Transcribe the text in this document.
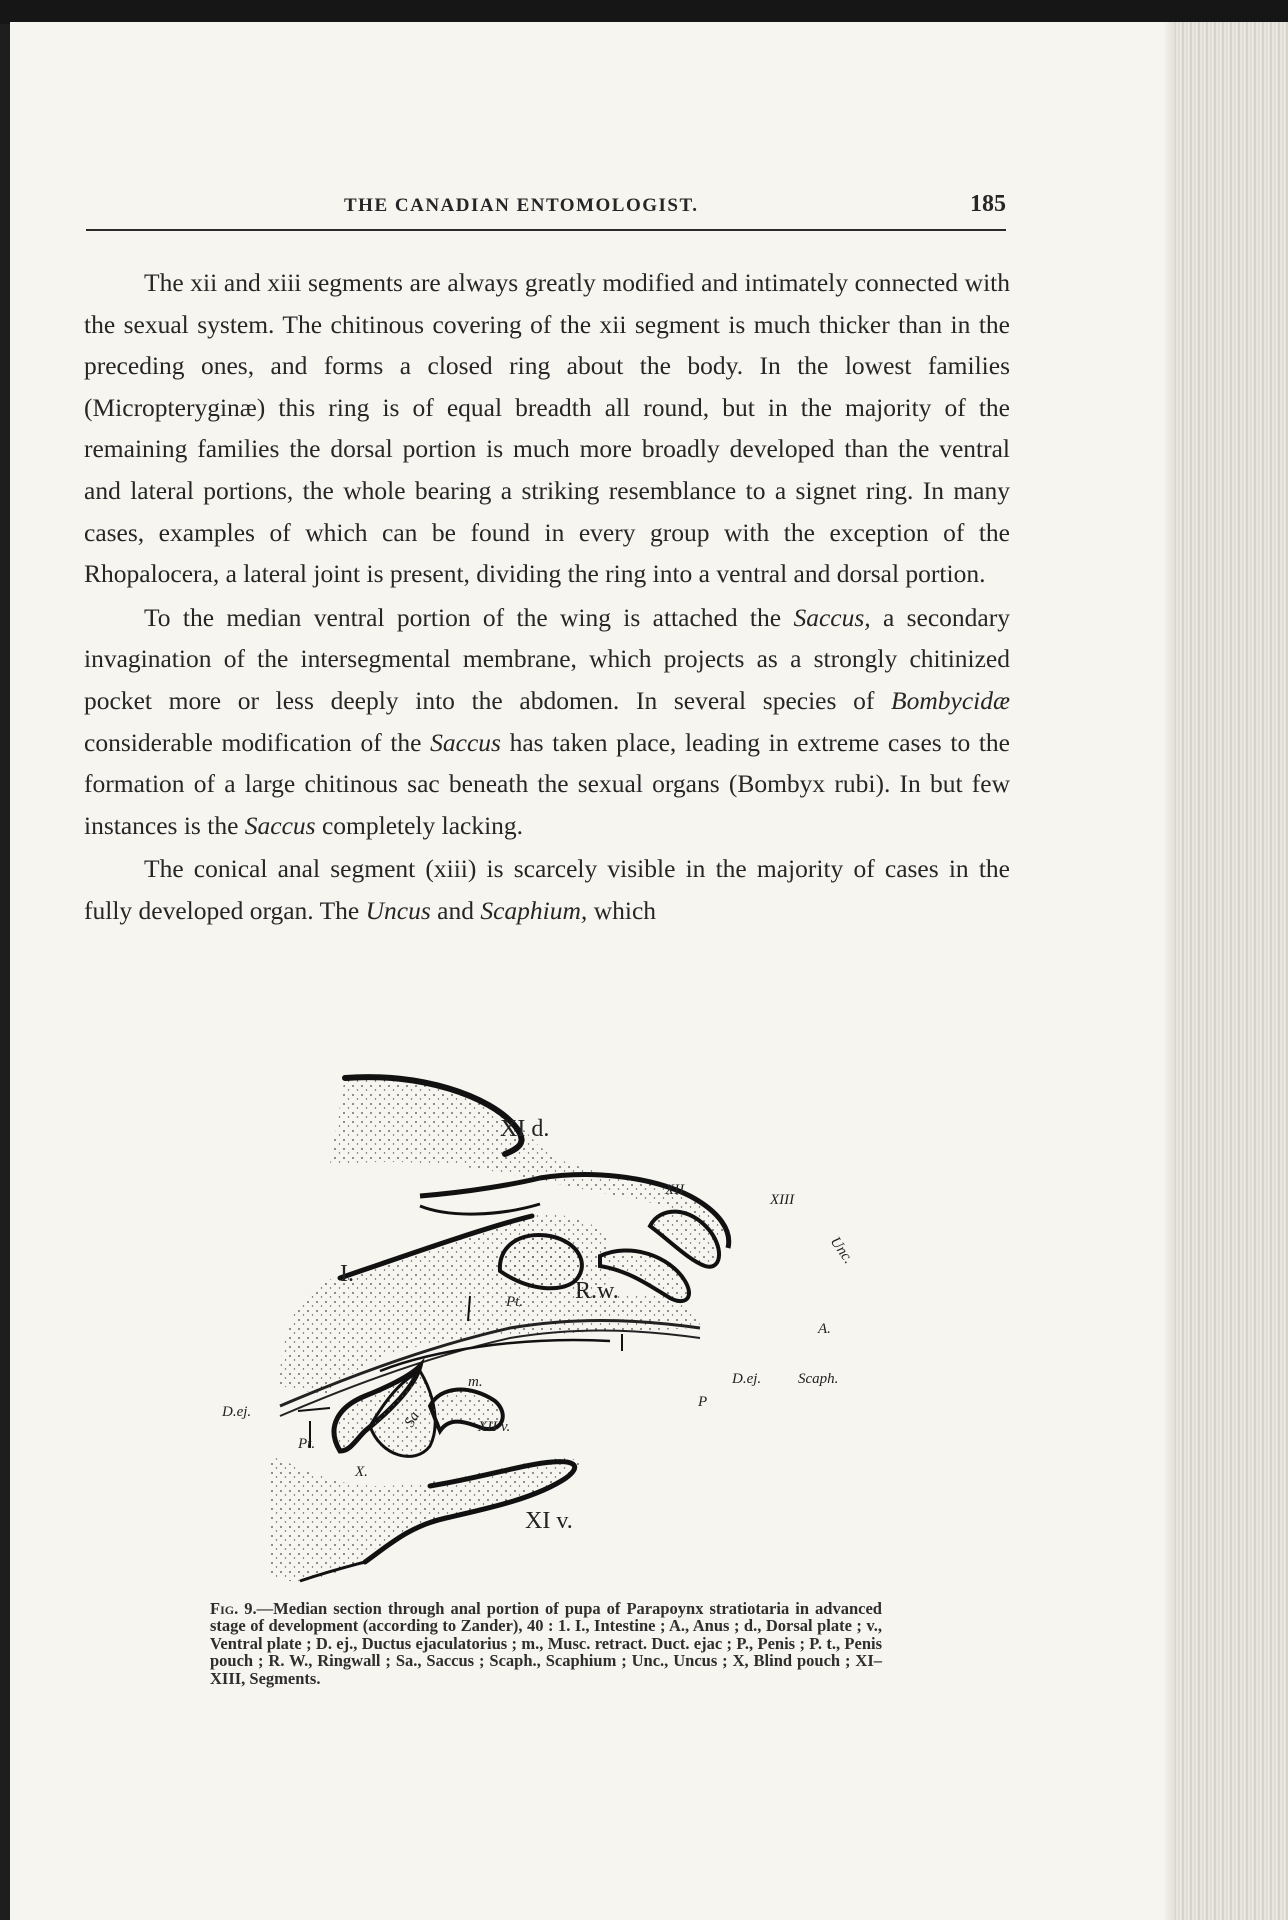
THE CANADIAN ENTOMOLOGIST.	185

The xii and xiii segments are always greatly modified and intimately connected with the sexual system. The chitinous covering of the xii segment is much thicker than in the preceding ones, and forms a closed ring about the body. In the lowest families (Micropteryginæ) this ring is of equal breadth all round, but in the majority of the remaining families the dorsal portion is much more broadly developed than the ventral and lateral portions, the whole bearing a striking resemblance to a signet ring. In many cases, examples of which can be found in every group with the exception of the Rhopalocera, a lateral joint is present, dividing the ring into a ventral and dorsal portion.

To the median ventral portion of the wing is attached the Saccus, a secondary invagination of the intersegmental membrane, which projects as a strongly chitinized pocket more or less deeply into the abdomen. In several species of Bombycidæ considerable modification of the Saccus has taken place, leading in extreme cases to the formation of a large chitinous sac beneath the sexual organs (Bombyx rubi). In but few instances is the Saccus completely lacking.

The conical anal segment (xiii) is scarcely visible in the majority of cases in the fully developed organ. The Uncus and Scaphium, which

XI d.
XII
XIII
Unc.
I.
Pt. R.w.
A.
D.ej. Scaph.
m.
P
D.ej.
Pt.
Sa	XII v.
X.
XI v.
Fig. 9.—Median section through anal portion of pupa of Parapoynx stratiotaria in advanced stage of development (according to Zander), 40 : 1. I., Intestine ; A., Anus ; d., Dorsal plate ; v., Ventral plate ; D. ej., Ductus ejaculatorius ; m., Musc. retract. Duct. ejac ; P., Penis ; P. t., Penis pouch ; R. W., Ringwall ; Sa., Saccus ; Scaph., Scaphium ; Unc., Uncus ; X, Blind pouch ; XI–XIII, Segments.
